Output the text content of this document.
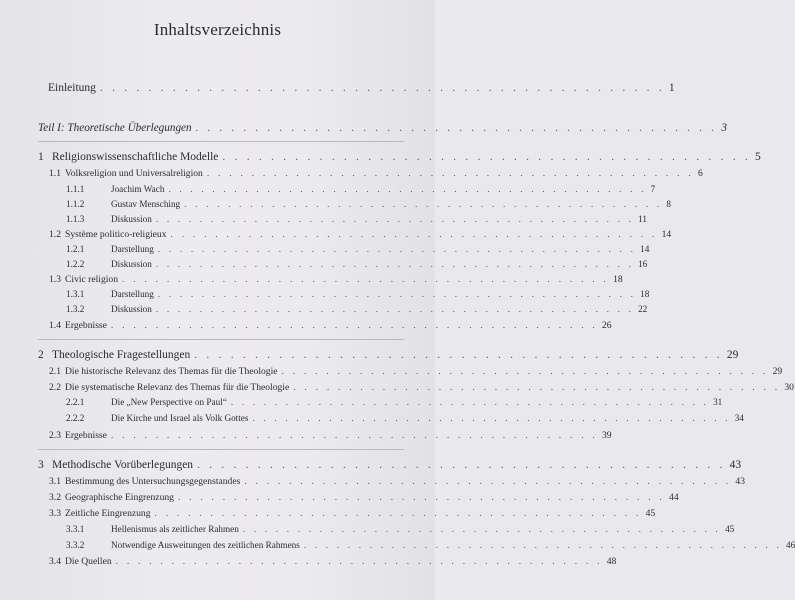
Inhaltsverzeichnis
Einleitung . . . . . . . . . . . . . . . . . . . . . . . . . . . . . . . . . . . . . . . . . . . . . . . 1
Teil I: Theoretische Überlegungen . . . . . . . . . . . . . . . . . . . . . . . . . . . . . . . . . . . . . . . . . . . . 3
1 Religionswissenschaftliche Modelle . . . . . . . . . . . . . . . . . . . . . . . . . . . . . . . . . . . . . . . . . . . . 5
1.1 Volksreligion und Universalreligion . . . . . . . . . . . . . . . . . . . . . . . . . . . . . . . . . . . . . . . . . . . . 6
1.1.1	Joachim Wach . . . . . . . . . . . . . . . . . . . . . . . . . . . . . . . . . . . . . . . . . . . . 7
1.1.2	Gustav Mensching . . . . . . . . . . . . . . . . . . . . . . . . . . . . . . . . . . . . . . . . . . . . 8
1.1.3	Diskussion . . . . . . . . . . . . . . . . . . . . . . . . . . . . . . . . . . . . . . . . . . . . 11
1.2 Système politico-religieux . . . . . . . . . . . . . . . . . . . . . . . . . . . . . . . . . . . . . . . . . . . . 14
1.2.1	Darstellung . . . . . . . . . . . . . . . . . . . . . . . . . . . . . . . . . . . . . . . . . . . . 14
1.2.2	Diskussion . . . . . . . . . . . . . . . . . . . . . . . . . . . . . . . . . . . . . . . . . . . . 16
1.3 Civic religion . . . . . . . . . . . . . . . . . . . . . . . . . . . . . . . . . . . . . . . . . . . . 18
1.3.1	Darstellung . . . . . . . . . . . . . . . . . . . . . . . . . . . . . . . . . . . . . . . . . . . . 18
1.3.2	Diskussion . . . . . . . . . . . . . . . . . . . . . . . . . . . . . . . . . . . . . . . . . . . . 22
1.4 Ergebnisse . . . . . . . . . . . . . . . . . . . . . . . . . . . . . . . . . . . . . . . . . . . . 26
2 Theologische Fragestellungen . . . . . . . . . . . . . . . . . . . . . . . . . . . . . . . . . . . . . . . . . . . . 29
2.1 Die historische Relevanz des Themas für die Theologie . . . . . . . . . . . . . . . . . . . . . . . . . . . . . . . . . . . . . . . . . . . . 29
2.2 Die systematische Relevanz des Themas für die Theologie . . . . . . . . . . . . . . . . . . . . . . . . . . . . . . . . . . . . . . . . . . . . 30
2.2.1	Die „New Perspective on Paul“ . . . . . . . . . . . . . . . . . . . . . . . . . . . . . . . . . . . . . . . . . . . . 31
2.2.2	Die Kirche und Israel als Volk Gottes . . . . . . . . . . . . . . . . . . . . . . . . . . . . . . . . . . . . . . . . . . . . 34
2.3 Ergebnisse . . . . . . . . . . . . . . . . . . . . . . . . . . . . . . . . . . . . . . . . . . . . 39
3 Methodische Vorüberlegungen . . . . . . . . . . . . . . . . . . . . . . . . . . . . . . . . . . . . . . . . . . . . 43
3.1 Bestimmung des Untersuchungsgegenstandes . . . . . . . . . . . . . . . . . . . . . . . . . . . . . . . . . . . . . . . . . . . . 43
3.2 Geographische Eingrenzung . . . . . . . . . . . . . . . . . . . . . . . . . . . . . . . . . . . . . . . . . . . . 44
3.3 Zeitliche Eingrenzung . . . . . . . . . . . . . . . . . . . . . . . . . . . . . . . . . . . . . . . . . . . . 45
3.3.1	Hellenismus als zeitlicher Rahmen . . . . . . . . . . . . . . . . . . . . . . . . . . . . . . . . . . . . . . . . . . . . 45
3.3.2	Notwendige Ausweitungen des zeitlichen Rahmens . . . . . . . . . . . . . . . . . . . . . . . . . . . . . . . . . . . . . . . . . . . . 46
3.4 Die Quellen . . . . . . . . . . . . . . . . . . . . . . . . . . . . . . . . . . . . . . . . . . . . 48
